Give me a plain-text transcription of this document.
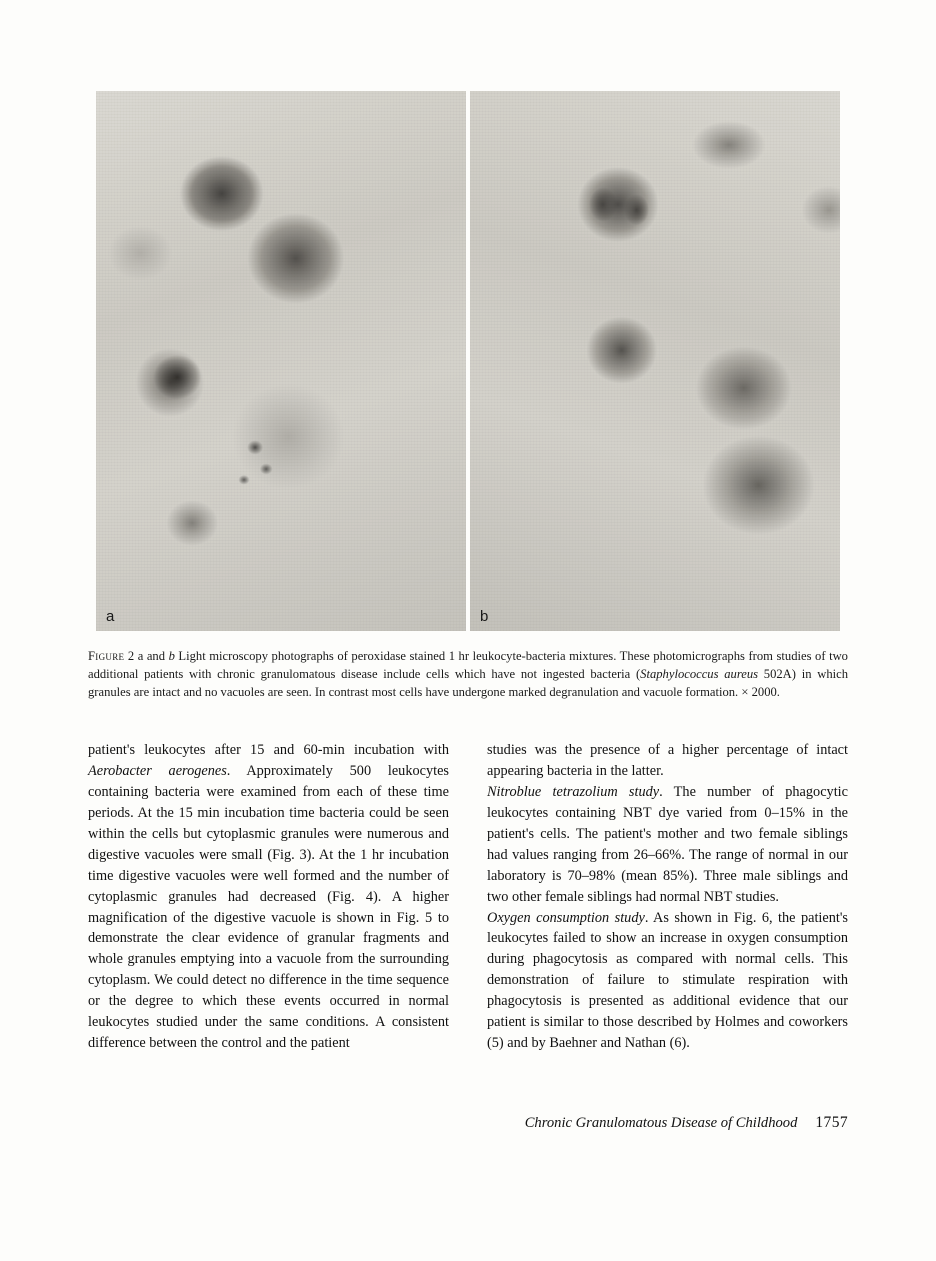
a	b
Figure 2 a and b Light microscopy photographs of peroxidase stained 1 hr leukocyte-bacteria mixtures. These photomicrographs from studies of two additional patients with chronic granulomatous disease include cells which have not ingested bacteria (Staphylococcus aureus 502A) in which granules are intact and no vacuoles are seen. In contrast most cells have undergone marked degranulation and vacuole formation. × 2000.

patient's leukocytes after 15 and 60-min incubation with Aerobacter aerogenes. Approximately 500 leukocytes containing bacteria were examined from each of these time periods. At the 15 min incubation time bacteria could be seen within the cells but cytoplasmic granules were numerous and digestive vacuoles were small (Fig. 3). At the 1 hr incubation time digestive vacuoles were well formed and the number of cytoplasmic granules had decreased (Fig. 4). A higher magnification of the digestive vacuole is shown in Fig. 5 to demonstrate the clear evidence of granular fragments and whole granules emptying into a vacuole from the surrounding cytoplasm. We could detect no difference in the time sequence or the degree to which these events occurred in normal leukocytes studied under the same conditions. A consistent difference between the control and the patient

studies was the presence of a higher percentage of intact appearing bacteria in the latter.

Nitroblue tetrazolium study. The number of phagocytic leukocytes containing NBT dye varied from 0–15% in the patient's cells. The patient's mother and two female siblings had values ranging from 26–66%. The range of normal in our laboratory is 70–98% (mean 85%). Three male siblings and two other female siblings had normal NBT studies.

Oxygen consumption study. As shown in Fig. 6, the patient's leukocytes failed to show an increase in oxygen consumption during phagocytosis as compared with normal cells. This demonstration of failure to stimulate respiration with phagocytosis is presented as additional evidence that our patient is similar to those described by Holmes and coworkers (5) and by Baehner and Nathan (6).

Chronic Granulomatous Disease of Childhood 1757
